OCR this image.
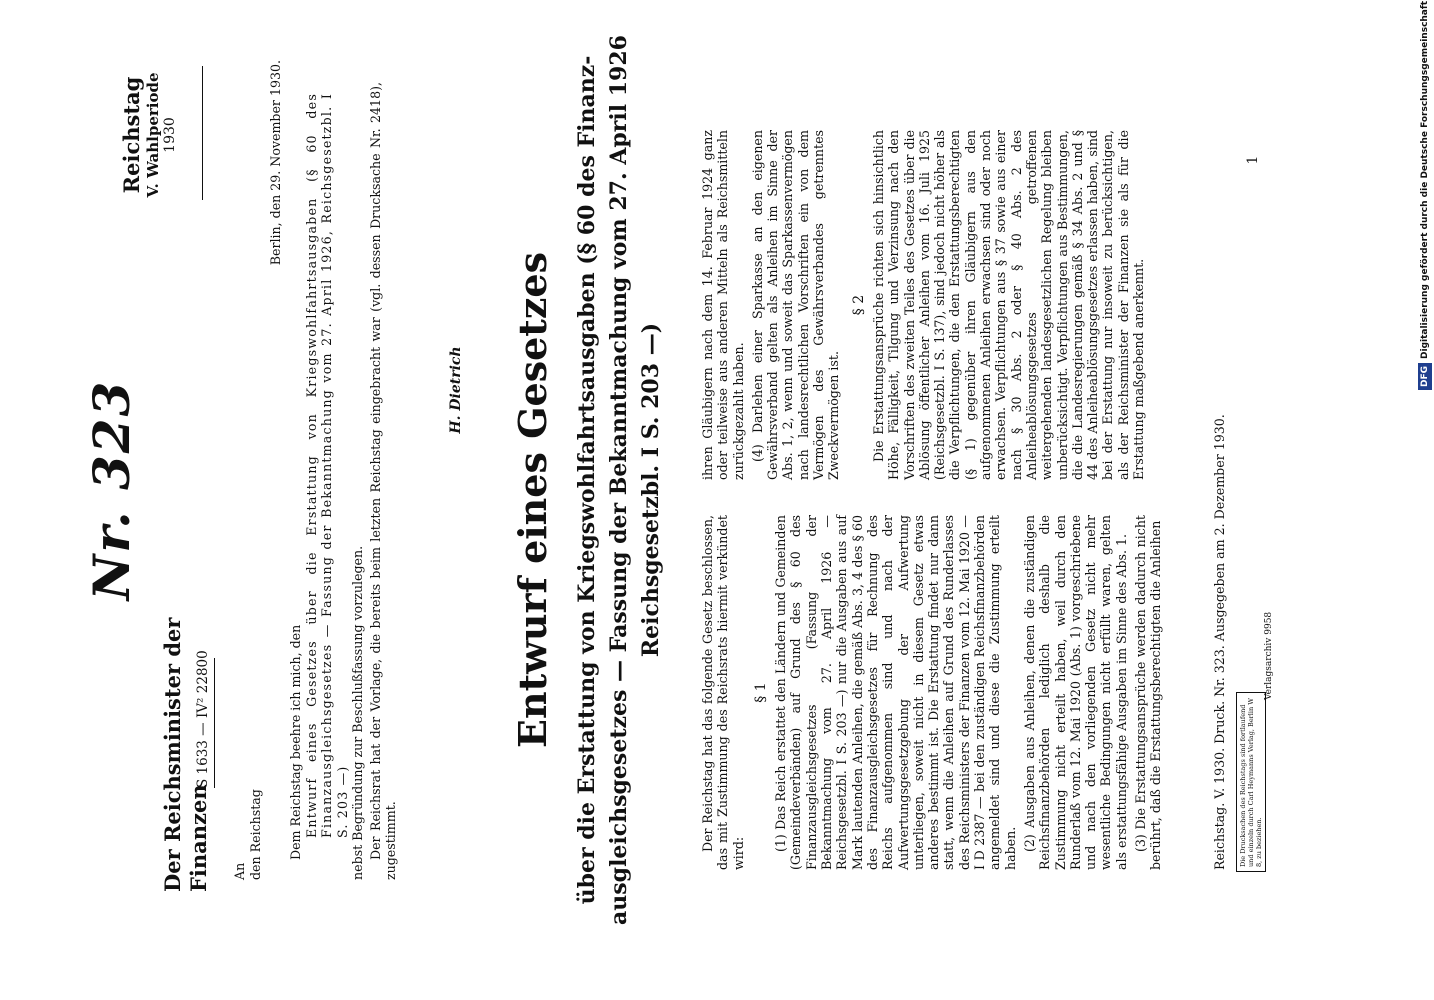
Nr. 323
Reichstag V. Wahlperiode 1930
Der Reichsminister der Finanzen
S 1633 — IV² 22800
An den Reichstag
Berlin, den 29. November 1930.
Dem Reichstag beehre ich mich, den Entwurf eines Gesetzes über die Erstattung von Kriegswohlfahrtsausgaben (§ 60 des Finanzausgleichsgesetzes — Fassung der Bekanntmachung vom 27. April 1926, Reichsgesetzbl. I S. 203 —) nebst Begründung zur Beschlußfassung vorzulegen. Der Reichsrat hat der Vorlage, die bereits beim letzten Reichstag eingebracht war (vgl. dessen Drucksache Nr. 2418), zugestimmt.
H. Dietrich Entwurf eines Gesetzes über die Erstattung von Kriegswohlfahrtsausgaben (§ 60 des Finanz- ausgleichsgesetzes — Fassung der Bekanntmachung vom 27. April 1926 Reichsgesetzbl. I S. 203 —)

Der Reichstag hat das folgende Gesetz beschlossen, das mit Zustimmung des Reichsrats hiermit verkündet wird:

§ 1 (1) Das Reich erstattet den Ländern und Gemeinden (Gemeindeverbänden) auf Grund des § 60 des Finanzausgleichsgesetzes (Fassung der Bekanntmachung vom 27. April 1926 — Reichsgesetzbl. I S. 203 —) nur die Ausgaben aus auf Mark lautenden Anleihen, die gemäß Abs. 3, 4 des § 60 des Finanzausgleichsgesetzes für Rechnung des Reichs aufgenommen sind und nach der Aufwertungsgesetzgebung der Aufwertung unterliegen, soweit nicht in diesem Gesetz etwas anderes bestimmt ist. Die Erstattung findet nur dann statt, wenn die Anleihen auf Grund des Runderlasses des Reichsministers der Finanzen vom 12. Mai 1920 — I D 2387 — bei den zuständigen Reichsfinanzbehörden angemeldet sind und diese die Zustimmung erteilt haben. (2) Ausgaben aus Anleihen, denen die zuständigen Reichsfinanzbehörden lediglich deshalb die Zustimmung nicht erteilt haben, weil durch den Runderlaß vom 12. Mai 1920 (Abs. 1) vorgeschriebene und nach den vorliegenden Gesetz nicht mehr wesentliche Bedingungen nicht erfüllt waren, gelten als erstattungsfähige Ausgaben im Sinne des Abs. 1. (3) Die Erstattungsansprüche werden dadurch nicht berührt, daß die Erstattungsberechtigten die Anleihen

ihren Gläubigern nach dem 14. Februar 1924 ganz oder teilweise aus anderen Mitteln als Reichsmitteln zurückgezahlt haben. (4) Darlehen einer Sparkasse an den eigenen Gewährsverband gelten als Anleihen im Sinne der Abs. 1, 2, wenn und soweit das Sparkassenvermögen nach landesrechtlichen Vorschriften ein von dem Vermögen des Gewährsverbandes getrenntes Zweckvermögen ist.

§ 2 Die Erstattungsansprüche richten sich hinsichtlich Höhe, Fälligkeit, Tilgung und Verzinsung nach den Vorschriften des zweiten Teiles des Gesetzes über die Ablösung öffentlicher Anleihen vom 16. Juli 1925 (Reichsgesetzbl. I S. 137), sind jedoch nicht höher als die Verpflichtungen, die den Erstattungsberechtigten (§ 1) gegenüber ihren Gläubigern aus den aufgenommenen Anleihen erwachsen sind oder noch erwachsen. Verpflichtungen aus § 37 sowie aus einer nach § 30 Abs. 2 oder § 40 Abs. 2 des Anleiheablösungsgesetzes getroffenen weitergehenden landesgesetzlichen Regelung bleiben unberücksichtigt. Verpflichtungen aus Bestimmungen, die die Landesregierungen gemäß § 34 Abs. 2 und § 44 des Anleiheablösungsgesetzes erlassen haben, sind bei der Erstattung nur insoweit zu berücksichtigen, als der Reichsminister der Finanzen sie als für die Erstattung maßgebend anerkennt.

1
Reichstag. V. 1930. Druck. Nr. 323. Ausgegeben am 2. Dezember 1930. Die Drucksachen des Reichstags sind fortlaufend und einzeln durch Carl Heymanns Verlag, Berlin W 8, zu beziehen.
Verlagsarchiv 9958
DFGDigitalisierung gefördert durch die Deutsche Forschungsgemeinschaft
